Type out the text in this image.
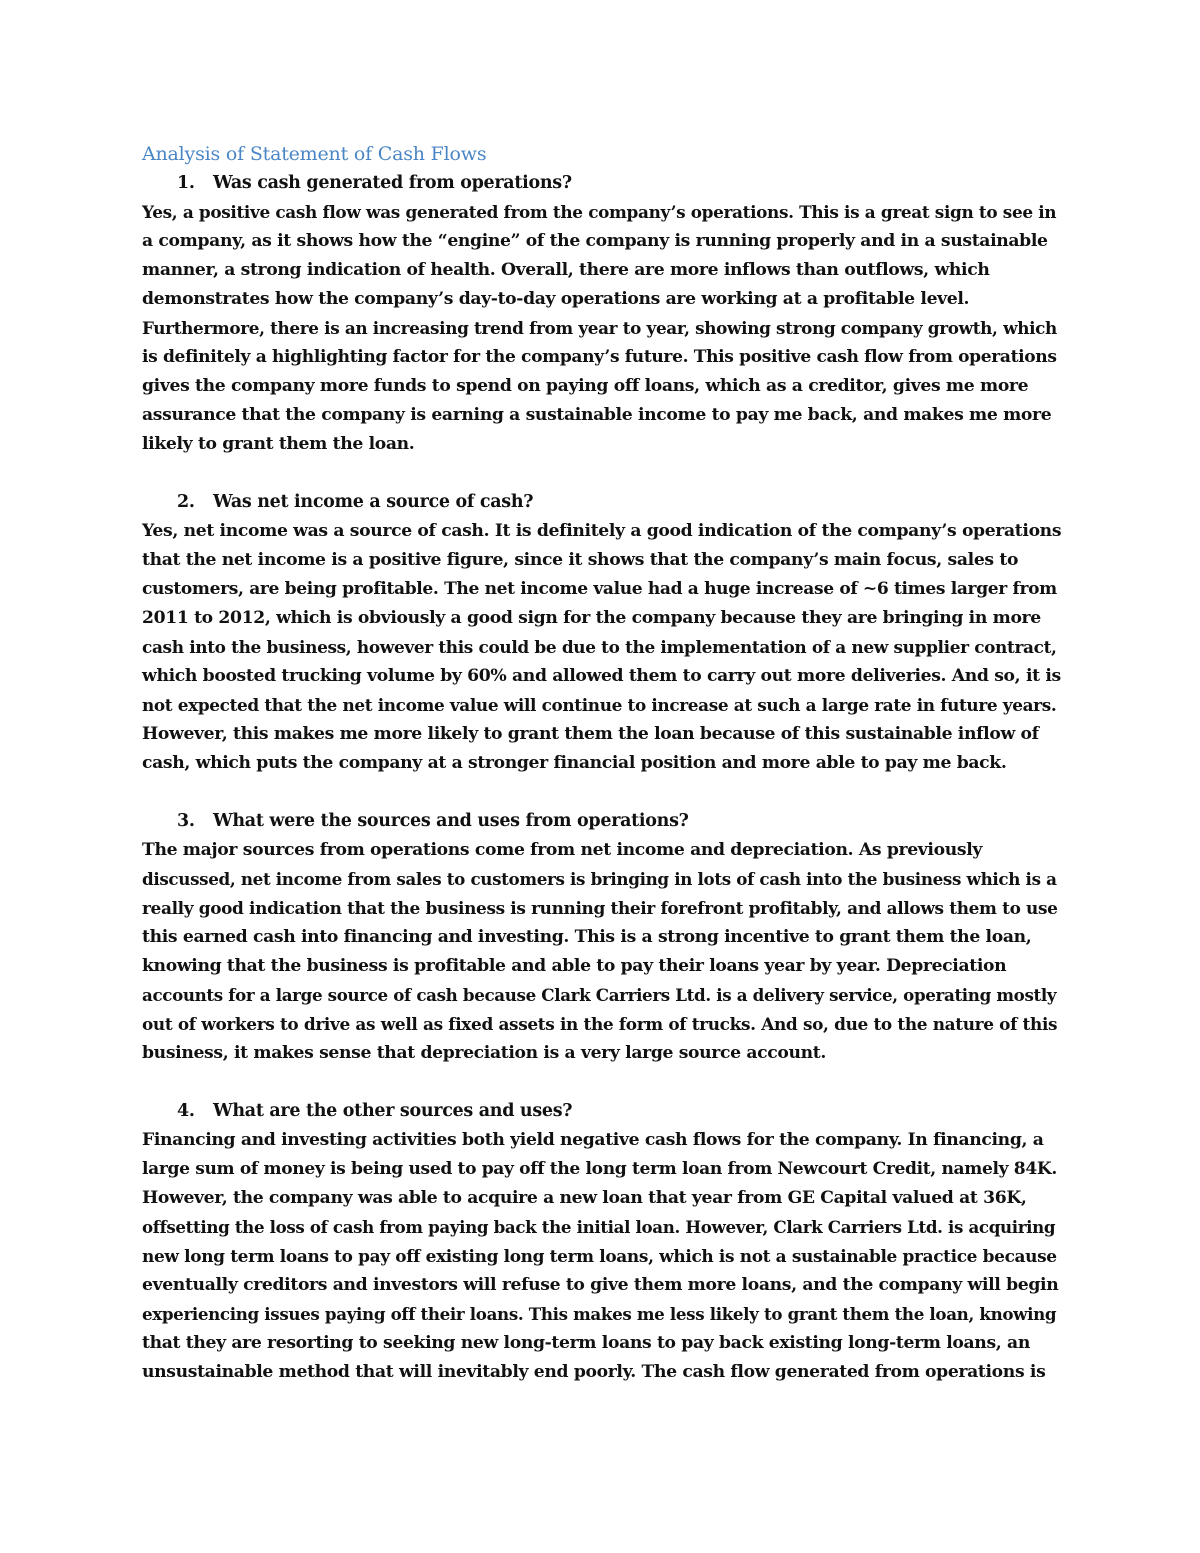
Analysis of Statement of Cash Flows

1. Was cash generated from operations?

Yes, a positive cash flow was generated from the company’s operations. This is a great sign to see in
a company, as it shows how the “engine” of the company is running properly and in a sustainable
manner, a strong indication of health. Overall, there are more inflows than outflows, which
demonstrates how the company’s day-to-day operations are working at a profitable level.
Furthermore, there is an increasing trend from year to year, showing strong company growth, which
is definitely a highlighting factor for the company’s future. This positive cash flow from operations
gives the company more funds to spend on paying off loans, which as a creditor, gives me more
assurance that the company is earning a sustainable income to pay me back, and makes me more
likely to grant them the loan.

2. Was net income a source of cash?

Yes, net income was a source of cash. It is definitely a good indication of the company’s operations
that the net income is a positive figure, since it shows that the company’s main focus, sales to
customers, are being profitable. The net income value had a huge increase of ~6 times larger from
2011 to 2012, which is obviously a good sign for the company because they are bringing in more
cash into the business, however this could be due to the implementation of a new supplier contract,
which boosted trucking volume by 60% and allowed them to carry out more deliveries. And so, it is
not expected that the net income value will continue to increase at such a large rate in future years.
However, this makes me more likely to grant them the loan because of this sustainable inflow of
cash, which puts the company at a stronger financial position and more able to pay me back.

3. What were the sources and uses from operations?

The major sources from operations come from net income and depreciation. As previously
discussed, net income from sales to customers is bringing in lots of cash into the business which is a
really good indication that the business is running their forefront profitably, and allows them to use
this earned cash into financing and investing. This is a strong incentive to grant them the loan,
knowing that the business is profitable and able to pay their loans year by year. Depreciation
accounts for a large source of cash because Clark Carriers Ltd. is a delivery service, operating mostly
out of workers to drive as well as fixed assets in the form of trucks. And so, due to the nature of this
business, it makes sense that depreciation is a very large source account.

4. What are the other sources and uses?

Financing and investing activities both yield negative cash flows for the company. In financing, a
large sum of money is being used to pay off the long term loan from Newcourt Credit, namely 84K.
However, the company was able to acquire a new loan that year from GE Capital valued at 36K,
offsetting the loss of cash from paying back the initial loan. However, Clark Carriers Ltd. is acquiring
new long term loans to pay off existing long term loans, which is not a sustainable practice because
eventually creditors and investors will refuse to give them more loans, and the company will begin
experiencing issues paying off their loans. This makes me less likely to grant them the loan, knowing
that they are resorting to seeking new long-term loans to pay back existing long-term loans, an
unsustainable method that will inevitably end poorly. The cash flow generated from operations is
